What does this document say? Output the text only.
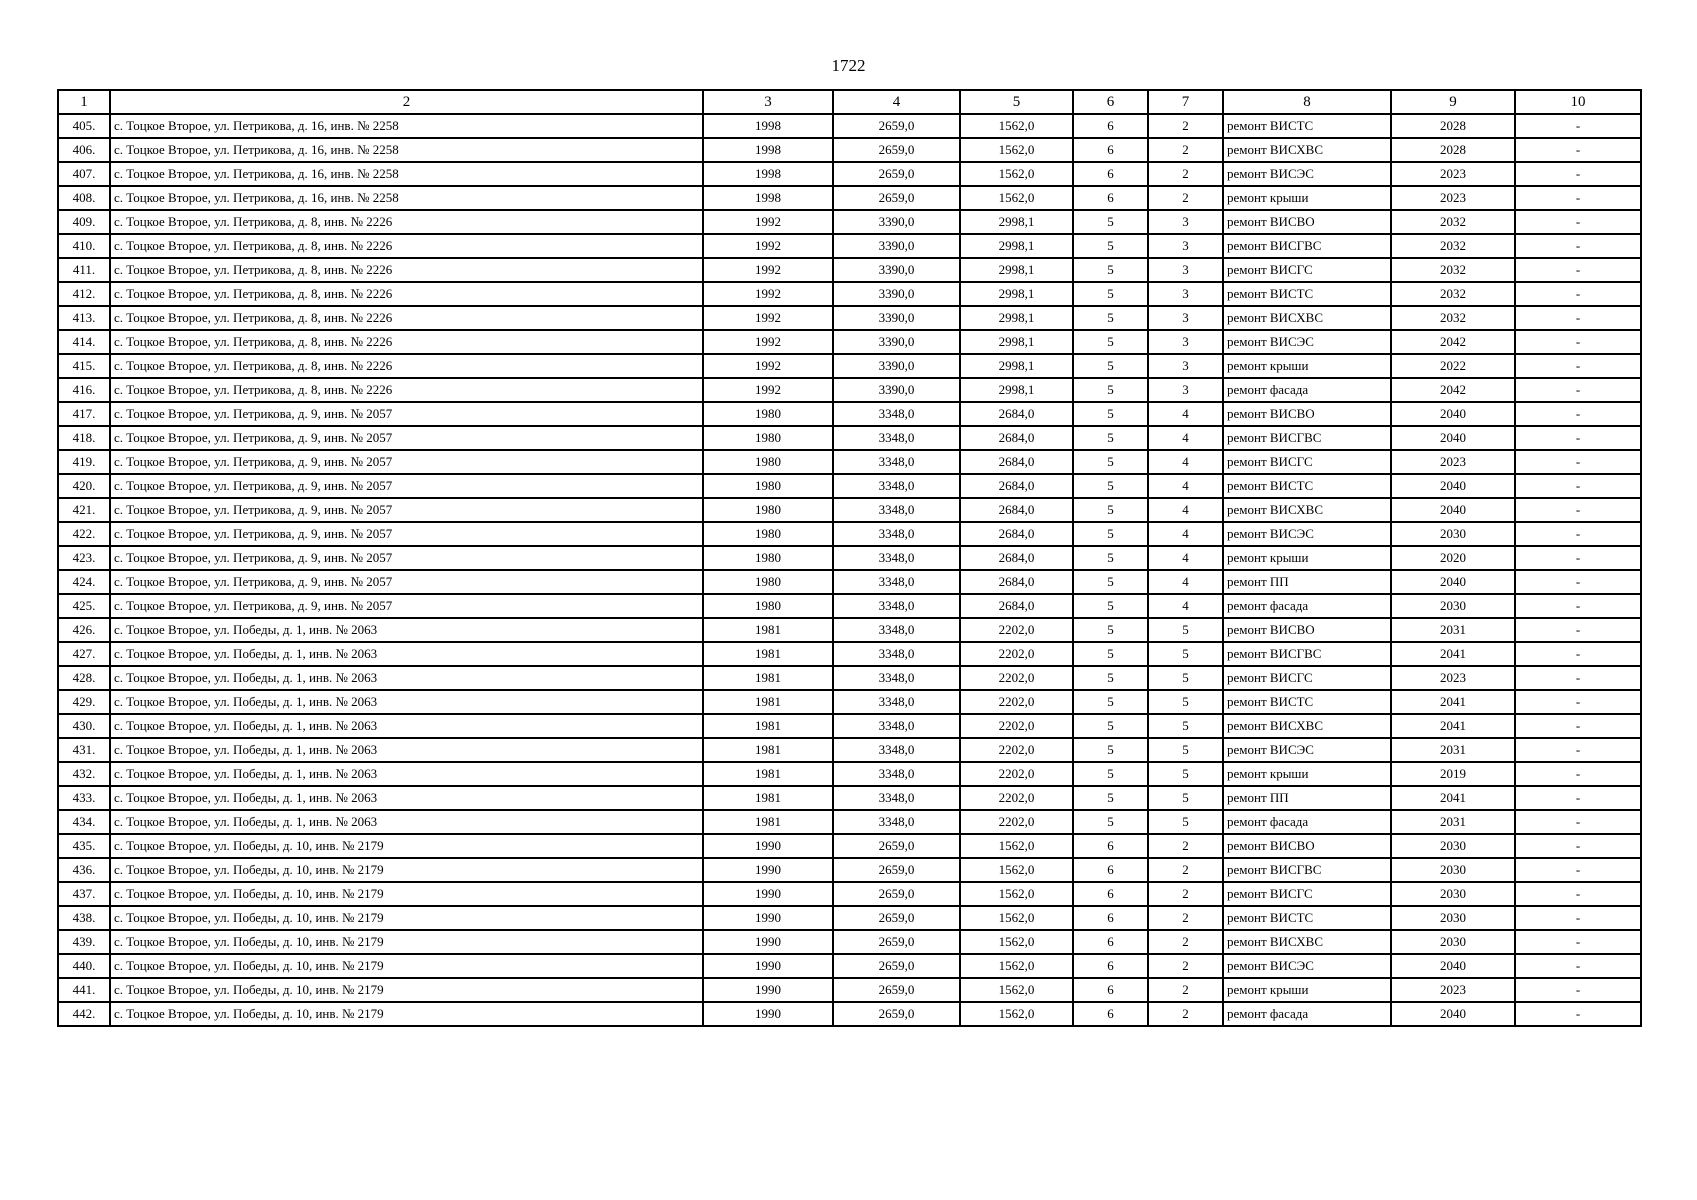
1722
1	2	3	4	5	6	7	8	9	10
405.	с. Тоцкое Второе, ул. Петрикова, д. 16, инв. № 2258	1998	2659,0	1562,0	6	2	ремонт ВИСТС	2028	-
406.	с. Тоцкое Второе, ул. Петрикова, д. 16, инв. № 2258	1998	2659,0	1562,0	6	2	ремонт ВИСХВС	2028	-
407.	с. Тоцкое Второе, ул. Петрикова, д. 16, инв. № 2258	1998	2659,0	1562,0	6	2	ремонт ВИСЭС	2023	-
408.	с. Тоцкое Второе, ул. Петрикова, д. 16, инв. № 2258	1998	2659,0	1562,0	6	2	ремонт крыши	2023	-
409.	с. Тоцкое Второе, ул. Петрикова, д. 8, инв. № 2226	1992	3390,0	2998,1	5	3	ремонт ВИСВО	2032	-
410.	с. Тоцкое Второе, ул. Петрикова, д. 8, инв. № 2226	1992	3390,0	2998,1	5	3	ремонт ВИСГВС	2032	-
411.	с. Тоцкое Второе, ул. Петрикова, д. 8, инв. № 2226	1992	3390,0	2998,1	5	3	ремонт ВИСГС	2032	-
412.	с. Тоцкое Второе, ул. Петрикова, д. 8, инв. № 2226	1992	3390,0	2998,1	5	3	ремонт ВИСТС	2032	-
413.	с. Тоцкое Второе, ул. Петрикова, д. 8, инв. № 2226	1992	3390,0	2998,1	5	3	ремонт ВИСХВС	2032	-
414.	с. Тоцкое Второе, ул. Петрикова, д. 8, инв. № 2226	1992	3390,0	2998,1	5	3	ремонт ВИСЭС	2042	-
415.	с. Тоцкое Второе, ул. Петрикова, д. 8, инв. № 2226	1992	3390,0	2998,1	5	3	ремонт крыши	2022	-
416.	с. Тоцкое Второе, ул. Петрикова, д. 8, инв. № 2226	1992	3390,0	2998,1	5	3	ремонт фасада	2042	-
417.	с. Тоцкое Второе, ул. Петрикова, д. 9, инв. № 2057	1980	3348,0	2684,0	5	4	ремонт ВИСВО	2040	-
418.	с. Тоцкое Второе, ул. Петрикова, д. 9, инв. № 2057	1980	3348,0	2684,0	5	4	ремонт ВИСГВС	2040	-
419.	с. Тоцкое Второе, ул. Петрикова, д. 9, инв. № 2057	1980	3348,0	2684,0	5	4	ремонт ВИСГС	2023	-
420.	с. Тоцкое Второе, ул. Петрикова, д. 9, инв. № 2057	1980	3348,0	2684,0	5	4	ремонт ВИСТС	2040	-
421.	с. Тоцкое Второе, ул. Петрикова, д. 9, инв. № 2057	1980	3348,0	2684,0	5	4	ремонт ВИСХВС	2040	-
422.	с. Тоцкое Второе, ул. Петрикова, д. 9, инв. № 2057	1980	3348,0	2684,0	5	4	ремонт ВИСЭС	2030	-
423.	с. Тоцкое Второе, ул. Петрикова, д. 9, инв. № 2057	1980	3348,0	2684,0	5	4	ремонт крыши	2020	-
424.	с. Тоцкое Второе, ул. Петрикова, д. 9, инв. № 2057	1980	3348,0	2684,0	5	4	ремонт ПП	2040	-
425.	с. Тоцкое Второе, ул. Петрикова, д. 9, инв. № 2057	1980	3348,0	2684,0	5	4	ремонт фасада	2030	-
426.	с. Тоцкое Второе, ул. Победы, д. 1, инв. № 2063	1981	3348,0	2202,0	5	5	ремонт ВИСВО	2031	-
427.	с. Тоцкое Второе, ул. Победы, д. 1, инв. № 2063	1981	3348,0	2202,0	5	5	ремонт ВИСГВС	2041	-
428.	с. Тоцкое Второе, ул. Победы, д. 1, инв. № 2063	1981	3348,0	2202,0	5	5	ремонт ВИСГС	2023	-
429.	с. Тоцкое Второе, ул. Победы, д. 1, инв. № 2063	1981	3348,0	2202,0	5	5	ремонт ВИСТС	2041	-
430.	с. Тоцкое Второе, ул. Победы, д. 1, инв. № 2063	1981	3348,0	2202,0	5	5	ремонт ВИСХВС	2041	-
431.	с. Тоцкое Второе, ул. Победы, д. 1, инв. № 2063	1981	3348,0	2202,0	5	5	ремонт ВИСЭС	2031	-
432.	с. Тоцкое Второе, ул. Победы, д. 1, инв. № 2063	1981	3348,0	2202,0	5	5	ремонт крыши	2019	-
433.	с. Тоцкое Второе, ул. Победы, д. 1, инв. № 2063	1981	3348,0	2202,0	5	5	ремонт ПП	2041	-
434.	с. Тоцкое Второе, ул. Победы, д. 1, инв. № 2063	1981	3348,0	2202,0	5	5	ремонт фасада	2031	-
435.	с. Тоцкое Второе, ул. Победы, д. 10, инв. № 2179	1990	2659,0	1562,0	6	2	ремонт ВИСВО	2030	-
436.	с. Тоцкое Второе, ул. Победы, д. 10, инв. № 2179	1990	2659,0	1562,0	6	2	ремонт ВИСГВС	2030	-
437.	с. Тоцкое Второе, ул. Победы, д. 10, инв. № 2179	1990	2659,0	1562,0	6	2	ремонт ВИСГС	2030	-
438.	с. Тоцкое Второе, ул. Победы, д. 10, инв. № 2179	1990	2659,0	1562,0	6	2	ремонт ВИСТС	2030	-
439.	с. Тоцкое Второе, ул. Победы, д. 10, инв. № 2179	1990	2659,0	1562,0	6	2	ремонт ВИСХВС	2030	-
440.	с. Тоцкое Второе, ул. Победы, д. 10, инв. № 2179	1990	2659,0	1562,0	6	2	ремонт ВИСЭС	2040	-
441.	с. Тоцкое Второе, ул. Победы, д. 10, инв. № 2179	1990	2659,0	1562,0	6	2	ремонт крыши	2023	-
442.	с. Тоцкое Второе, ул. Победы, д. 10, инв. № 2179	1990	2659,0	1562,0	6	2	ремонт фасада	2040	-
